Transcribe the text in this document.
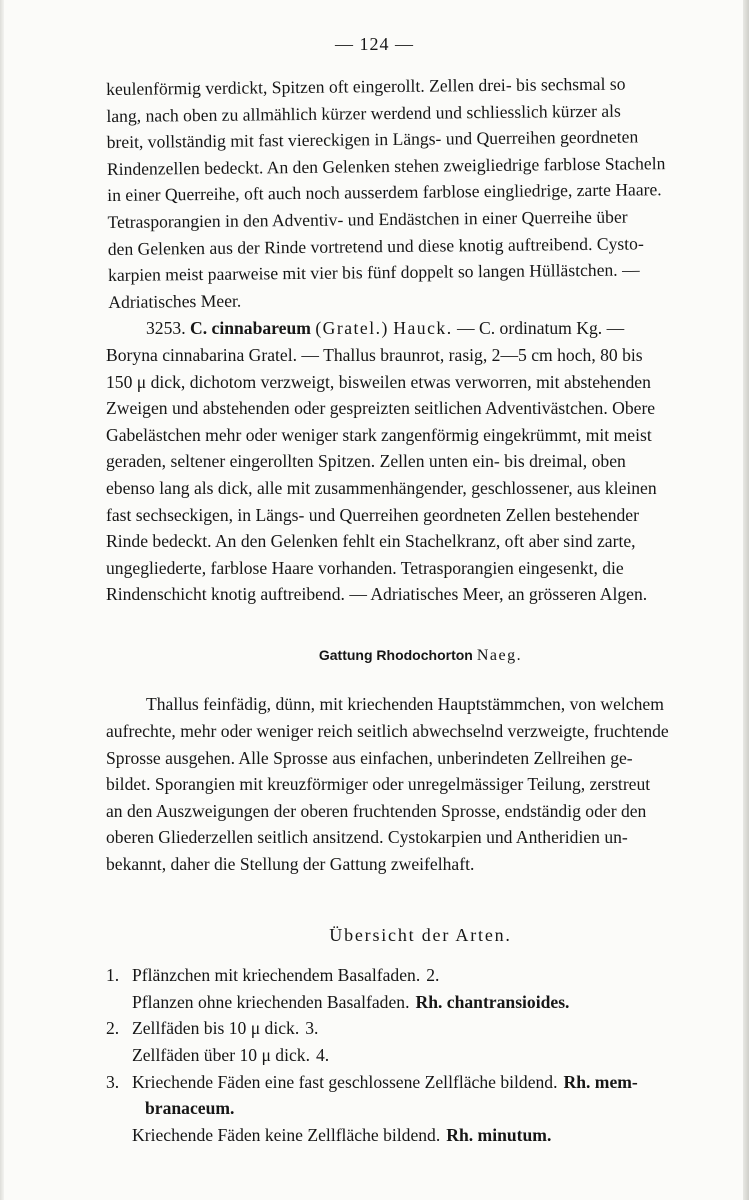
— 124 —
keulenförmig verdickt, Spitzen oft eingerollt. Zellen drei- bis sechsmal so
lang, nach oben zu allmählich kürzer werdend und schliesslich kürzer als
breit, vollständig mit fast viereckigen in Längs- und Querreihen geordneten
Rindenzellen bedeckt. An den Gelenken stehen zweigliedrige farblose Stacheln
in einer Querreihe, oft auch noch ausserdem farblose eingliedrige, zarte Haare.
Tetrasporangien in den Adventiv- und Endästchen in einer Querreihe über
den Gelenken aus der Rinde vortretend und diese knotig auftreibend. Cysto-
karpien meist paarweise mit vier bis fünf doppelt so langen Hüllästchen. —
Adriatisches Meer.
3253. C. cinnabareum (Gratel.) Hauck. — C. ordinatum Kg. —
Boryna cinnabarina Gratel. — Thallus braunrot, rasig, 2—5 cm hoch, 80 bis
150 μ dick, dichotom verzweigt, bisweilen etwas verworren, mit abstehenden
Zweigen und abstehenden oder gespreizten seitlichen Adventivästchen. Obere
Gabelästchen mehr oder weniger stark zangenförmig eingekrümmt, mit meist
geraden, seltener eingerollten Spitzen. Zellen unten ein- bis dreimal, oben
ebenso lang als dick, alle mit zusammenhängender, geschlossener, aus kleinen
fast sechseckigen, in Längs- und Querreihen geordneten Zellen bestehender
Rinde bedeckt. An den Gelenken fehlt ein Stachelkranz, oft aber sind zarte,
ungegliederte, farblose Haare vorhanden. Tetrasporangien eingesenkt, die
Rindenschicht knotig auftreibend. — Adriatisches Meer, an grösseren Algen.
Gattung Rhodochorton Naeg.
Thallus feinfädig, dünn, mit kriechenden Hauptstämmchen, von welchem
aufrechte, mehr oder weniger reich seitlich abwechselnd verzweigte, fruchtende
Sprosse ausgehen. Alle Sprosse aus einfachen, unberindeten Zellreihen ge-
bildet. Sporangien mit kreuzförmiger oder unregelmässiger Teilung, zerstreut
an den Auszweigungen der oberen fruchtenden Sprosse, endständig oder den
oberen Gliederzellen seitlich ansitzend. Cystokarpien und Antheridien un-
bekannt, daher die Stellung der Gattung zweifelhaft.
Übersicht der Arten.
1. Pflänzchen mit kriechendem Basalfaden. 2.
Pflanzen ohne kriechenden Basalfaden. Rh. chantransioides.
2. Zellfäden bis 10 μ dick. 3.
Zellfäden über 10 μ dick. 4.
3. Kriechende Fäden eine fast geschlossene Zellfläche bildend. Rh. mem-
branaceum.
Kriechende Fäden keine Zellfläche bildend. Rh. minutum.
